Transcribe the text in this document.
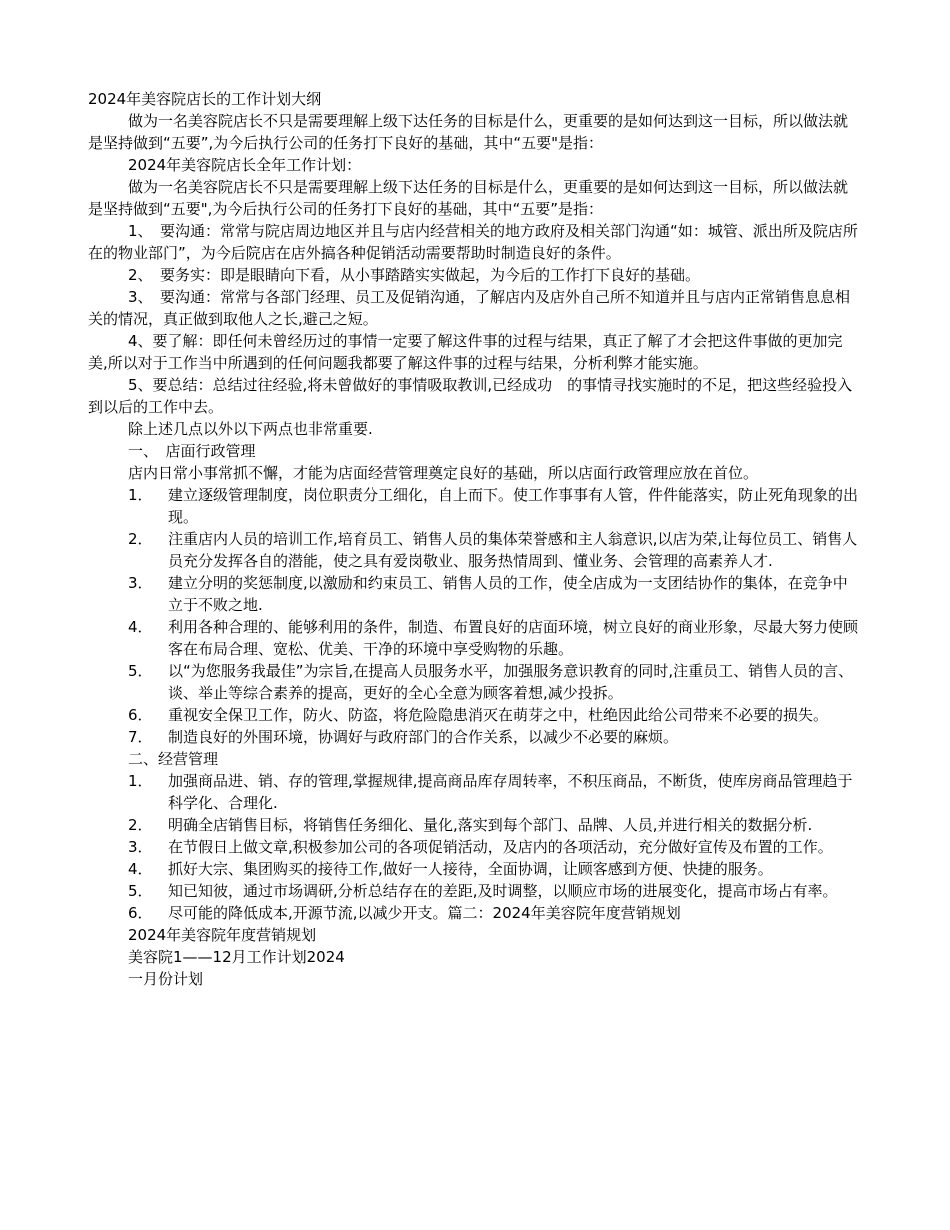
2024年美容院店长的工作计划大纲

做为一名美容院店长不只是需要理解上级下达任务的目标是什么，更重要的是如何达到这一目标，所以做法就是坚持做到“五要”,为今后执行公司的任务打下良好的基础，其中“五要"是指：

2024年美容院店长全年工作计划：

做为一名美容院店长不只是需要理解上级下达任务的目标是什么，更重要的是如何达到这一目标，所以做法就是坚持做到“五要",为今后执行公司的任务打下良好的基础，其中“五要”是指：

1、　要沟通：常常与院店周边地区并且与店内经营相关的地方政府及相关部门沟通“如：城管、派出所及院店所在的物业部门”，为今后院店在店外搞各种促销活动需要帮助时制造良好的条件。

2、　要务实：即是眼睛向下看，从小事踏踏实实做起，为今后的工作打下良好的基础。

3、　要沟通：常常与各部门经理、员工及促销沟通，了解店内及店外自己所不知道并且与店内正常销售息息相关的情况，真正做到取他人之长,避己之短。

4、要了解：即任何未曾经历过的事情一定要了解这件事的过程与结果，真正了解了才会把这件事做的更加完美,所以对于工作当中所遇到的任何问题我都要了解这件事的过程与结果，分析利弊才能实施。

5、要总结：总结过往经验,将未曾做好的事情吸取教训,已经成功　的事情寻找实施时的不足，把这些经验投入到以后的工作中去。

除上述几点以外以下两点也非常重要.

一、　店面行政管理

店内日常小事常抓不懈，才能为店面经营管理奠定良好的基础，所以店面行政管理应放在首位。

1．	建立逐级管理制度，岗位职责分工细化，自上而下。使工作事事有人管，件件能落实，防止死角现象的出现。
2．	注重店内人员的培训工作,培育员工、销售人员的集体荣誉感和主人翁意识,以店为荣,让每位员工、销售人员充分发挥各自的潜能，使之具有爱岗敬业、服务热情周到、懂业务、会管理的高素养人才.
3．	建立分明的奖惩制度,以激励和约束员工、销售人员的工作，使全店成为一支团结协作的集体，在竞争中立于不败之地.
4．	利用各种合理的、能够利用的条件，制造、布置良好的店面环境，树立良好的商业形象，尽最大努力使顾客在布局合理、宽松、优美、干净的环境中享受购物的乐趣。
5．	以“为您服务我最佳”为宗旨,在提高人员服务水平，加强服务意识教育的同时,注重员工、销售人员的言、谈、举止等综合素养的提高，更好的全心全意为顾客着想,减少投拆。
6．	重视安全保卫工作，防火、防盗，将危险隐患消灭在萌芽之中，杜绝因此给公司带来不必要的损失。
7．	制造良好的外围环境，协调好与政府部门的合作关系，以减少不必要的麻烦。

二、经营管理

1．	加强商品进、销、存的管理,掌握规律,提高商品库存周转率，不积压商品，不断货，使库房商品管理趋于科学化、合理化.
2．	明确全店销售目标，将销售任务细化、量化,落实到每个部门、品牌、人员,并进行相关的数据分析.
3．	在节假日上做文章,积极参加公司的各项促销活动，及店内的各项活动，充分做好宣传及布置的工作。
4．	抓好大宗、集团购买的接待工作,做好一人接待，全面协调，让顾客感到方便、快捷的服务。
5．	知已知彼，通过市场调研,分析总结存在的差距,及时调整，以顺应市场的进展变化，提高市场占有率。
6．	尽可能的降低成本,开源节流,以减少开支。篇二：2024年美容院年度营销规划

2024年美容院年度营销规划

美容院1——12月工作计划2024

一月份计划
